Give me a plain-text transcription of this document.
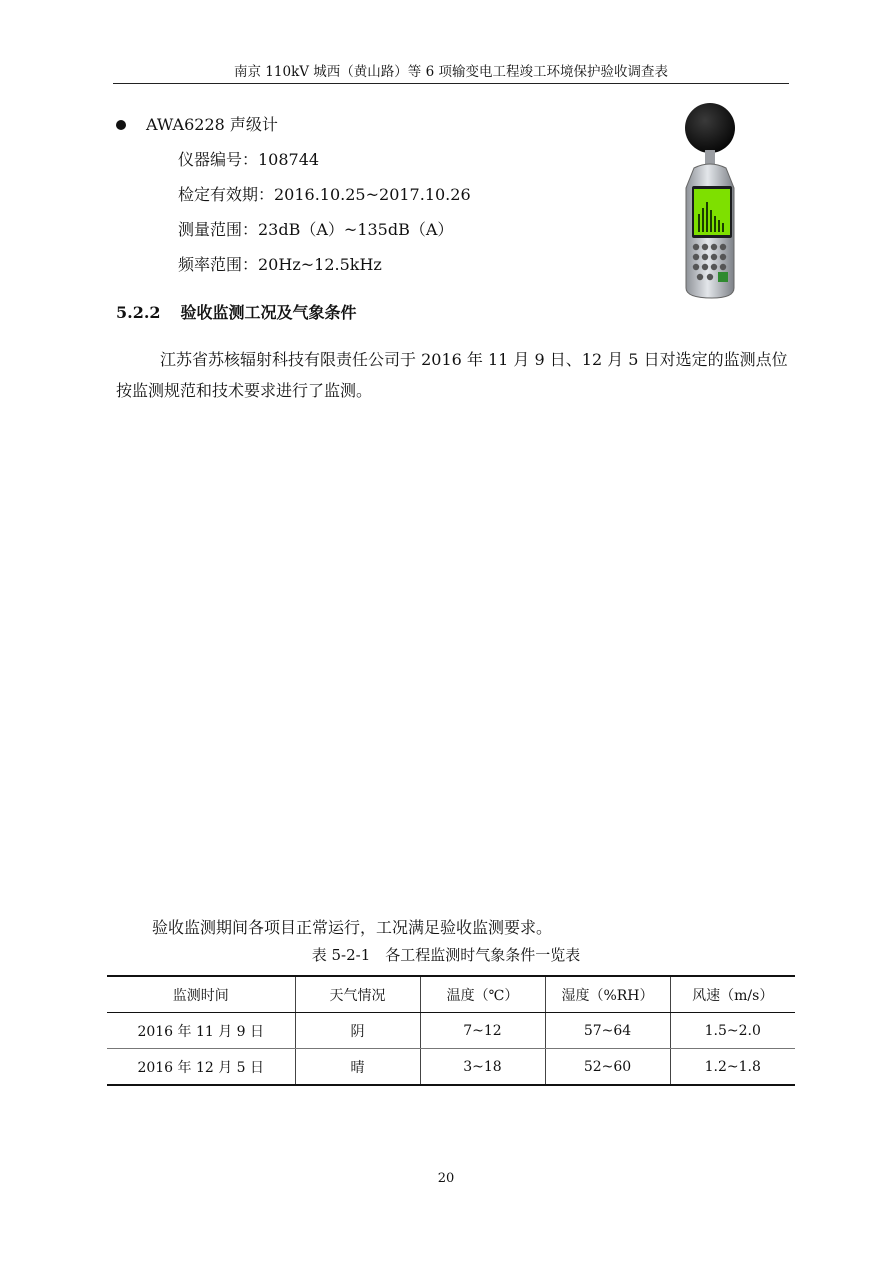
南京 110kV 城西（黄山路）等 6 项输变电工程竣工环境保护验收调查表
AWA6228 声级计
仪器编号：108744
检定有效期：2016.10.25~2017.10.26
测量范围：23dB（A）~135dB（A）
频率范围：20Hz~12.5kHz
5.2.2 验收监测工况及气象条件
江苏省苏核辐射科技有限责任公司于 2016 年 11 月 9 日、12 月 5 日对选定的监测点位按监测规范和技术要求进行了监测。
验收监测期间各项目正常运行，工况满足验收监测要求。
表 5-2-1　各工程监测时气象条件一览表
监测时间	天气情况	温度（℃）	湿度（%RH）	风速（m/s）
2016 年 11 月 9 日	阴	7~12	57~64	1.5~2.0
2016 年 12 月 5 日	晴	3~18	52~60	1.2~1.8
20
